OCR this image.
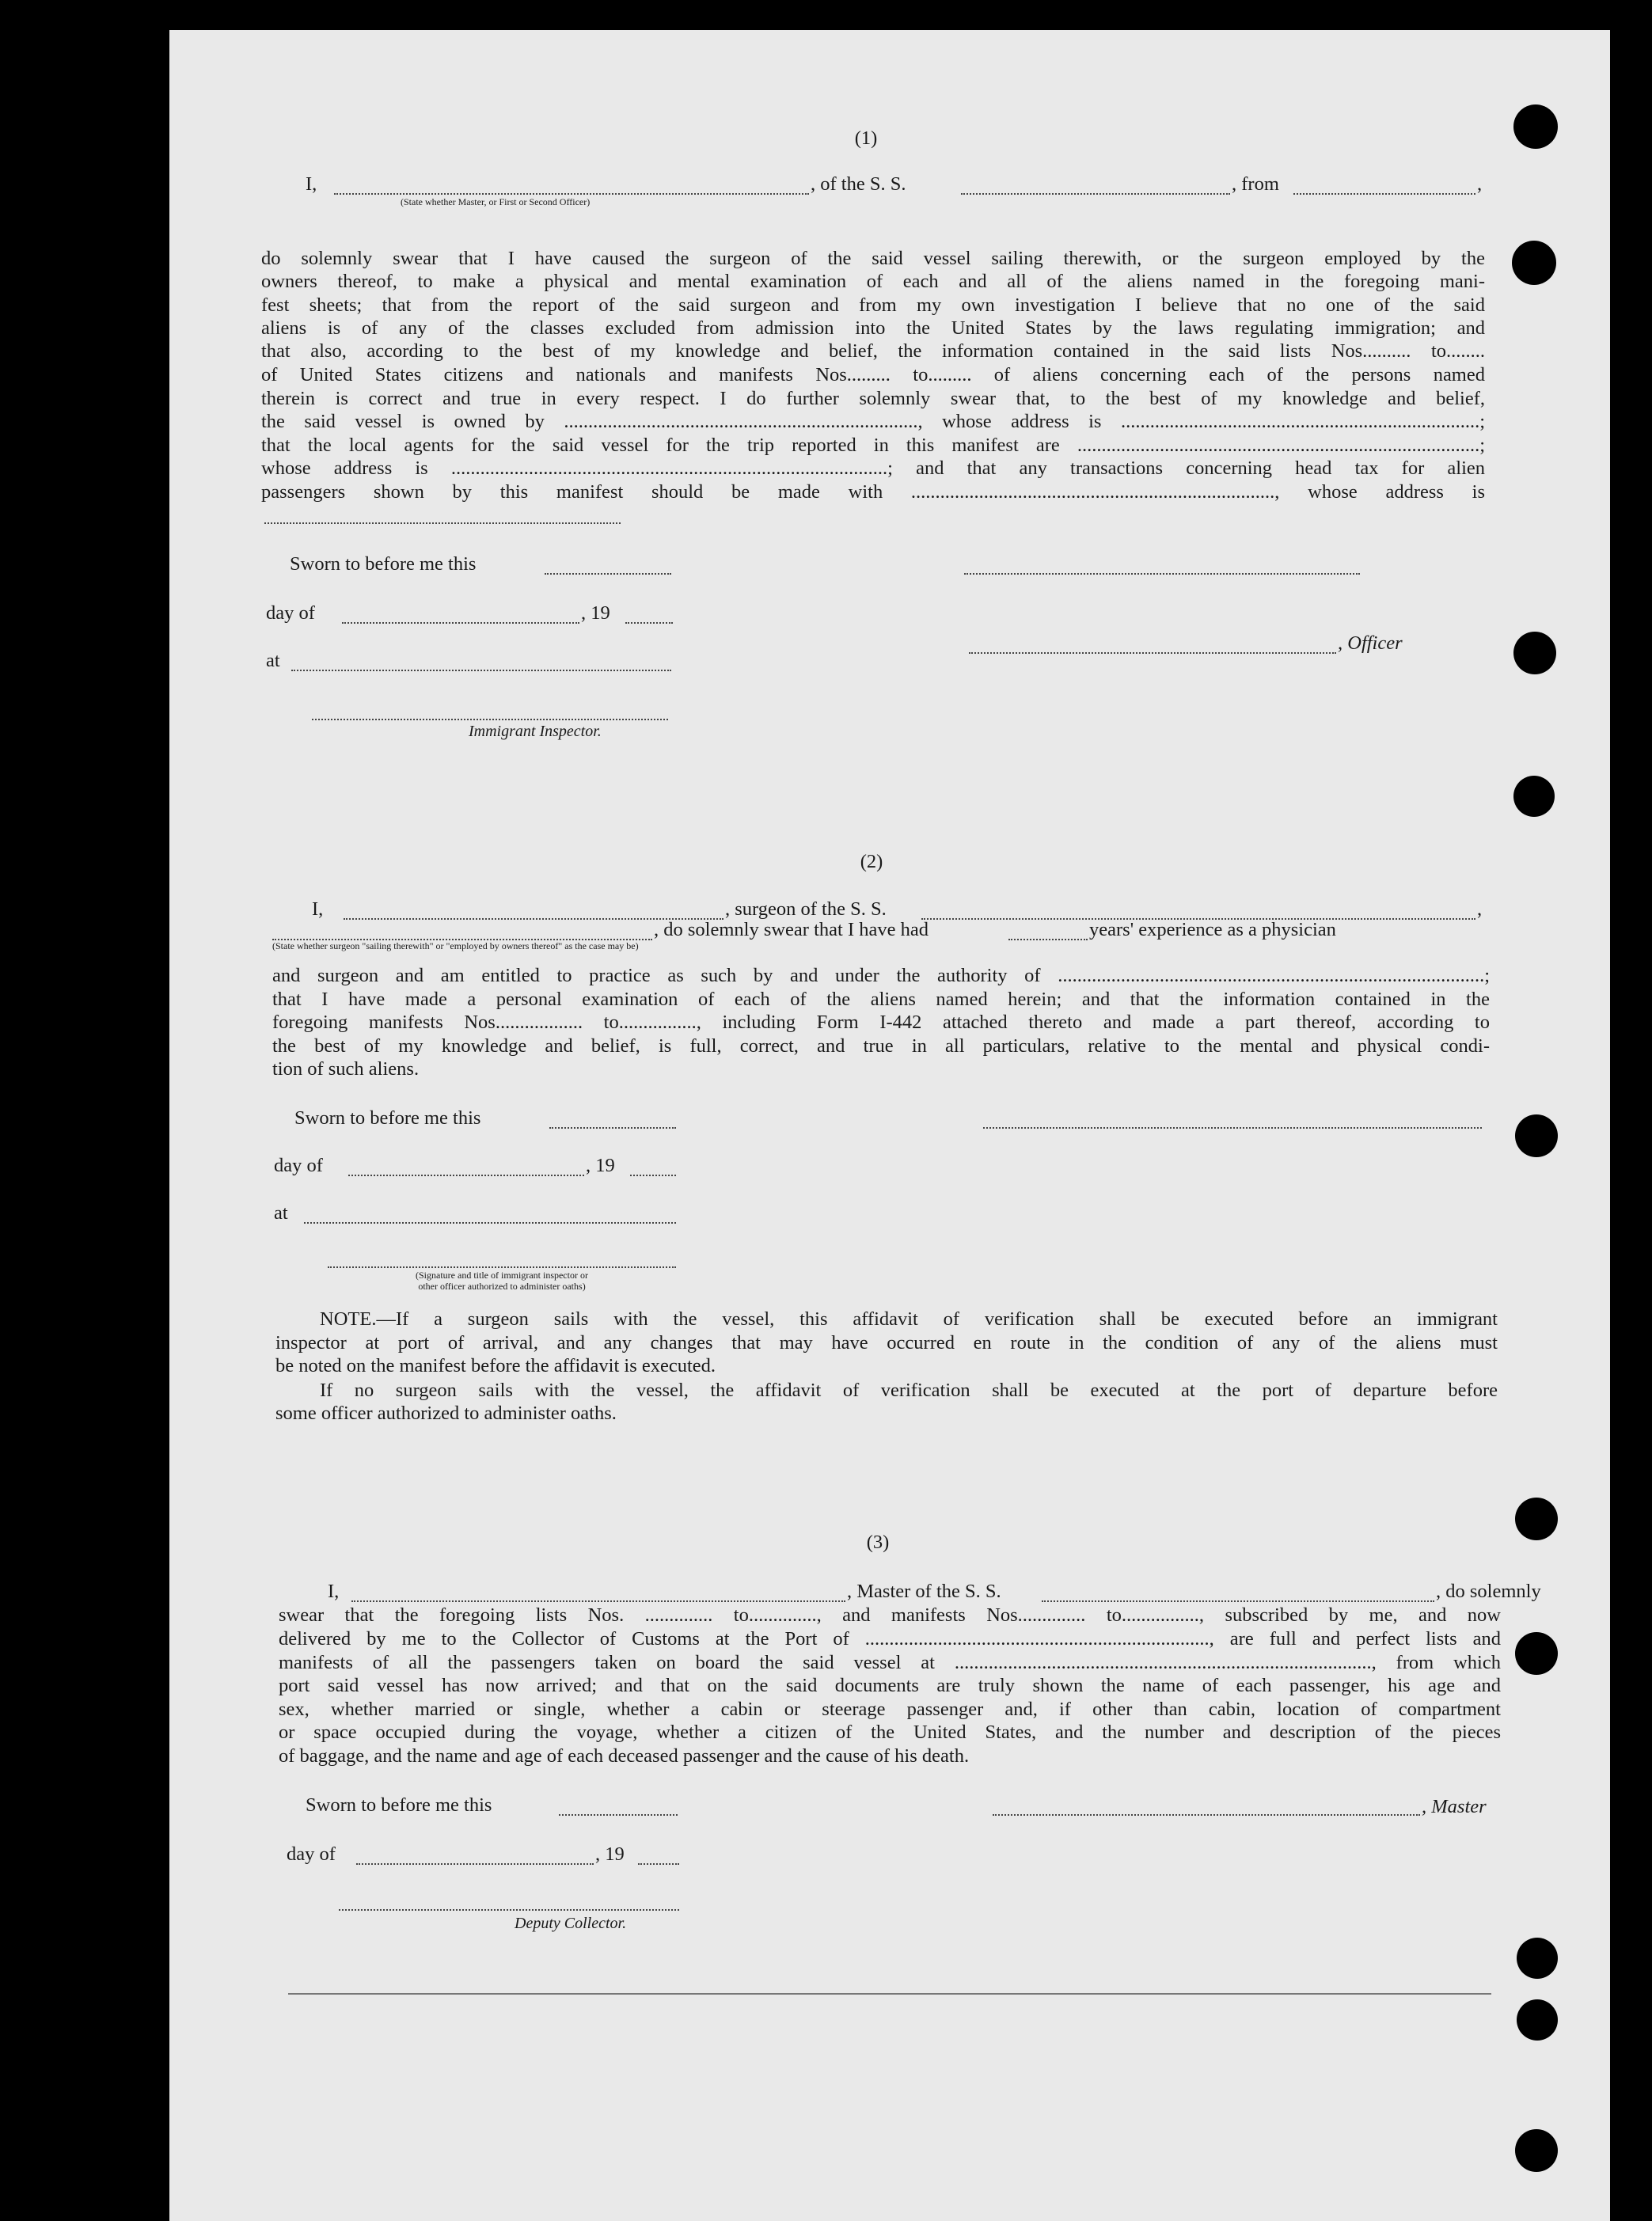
(1)
I,	, of the S. S.	, from	,
(State whether Master, or First or Second Officer)
do solemnly swear that I have caused the surgeon of the said vessel sailing therewith, or the surgeon employed by the
owners thereof, to make a physical and mental examination of each and all of the aliens named in the foregoing mani-
fest sheets; that from the report of the said surgeon and from my own investigation I believe that no one of the said
aliens is of any of the classes excluded from admission into the United States by the laws regulating immigration; and
that also, according to the best of my knowledge and belief, the information contained in the said lists Nos.......... to........
of United States citizens and nationals and manifests Nos......... to......... of aliens concerning each of the persons named
therein is correct and true in every respect. I do further solemnly swear that, to the best of my knowledge and belief,
the said vessel is owned by ........................................................................., whose address is ..........................................................................;
that the local agents for the said vessel for the trip reported in this manifest are ...................................................................................;
whose address is ..........................................................................................; and that any transactions concerning head tax for alien
passengers shown by this manifest should be made with ..........................................................................., whose address is
Sworn to before me this
day of	, 19
, Officer
at
Immigrant Inspector.
(2)
I,	, surgeon of the S. S.	,
, do solemnly swear that I have had	years' experience as a physician
(State whether surgeon "sailing therewith" or "employed by owners thereof" as the case may be)
and surgeon and am entitled to practice as such by and under the authority of ........................................................................................;
that I have made a personal examination of each of the aliens named herein; and that the information contained in the
foregoing manifests Nos.................. to................, including Form I-442 attached thereto and made a part thereof, according to
the best of my knowledge and belief, is full, correct, and true in all particulars, relative to the mental and physical condi-
tion of such aliens.
Sworn to before me this
day of	, 19
at
(Signature and title of immigrant inspector or
other officer authorized to administer oaths)
NOTE. —If a surgeon sails with the vessel, this affidavit of verification shall be executed before an immigrant
inspector at port of arrival, and any changes that may have occurred en route in the condition of any of the aliens must
be noted on the manifest before the affidavit is executed.
If no surgeon sails with the vessel, the affidavit of verification shall be executed at the port of departure before
some officer authorized to administer oaths.
(3)
I,	, Master of the S. S.	, do solemnly
swear that the foregoing lists Nos. .............. to.............., and manifests Nos.............. to................, subscribed by me, and now
delivered by me to the Collector of Customs at the Port of ......................................................................., are full and perfect lists and
manifests of all the passengers taken on board the said vessel at ......................................................................................, from which
port said vessel has now arrived; and that on the said documents are truly shown the name of each passenger, his age and
sex, whether married or single, whether a cabin or steerage passenger and, if other than cabin, location of compartment
or space occupied during the voyage, whether a citizen of the United States, and the number and description of the pieces
of baggage, and the name and age of each deceased passenger and the cause of his death.
Sworn to before me this	, Master
day of	, 19
Deputy Collector.
